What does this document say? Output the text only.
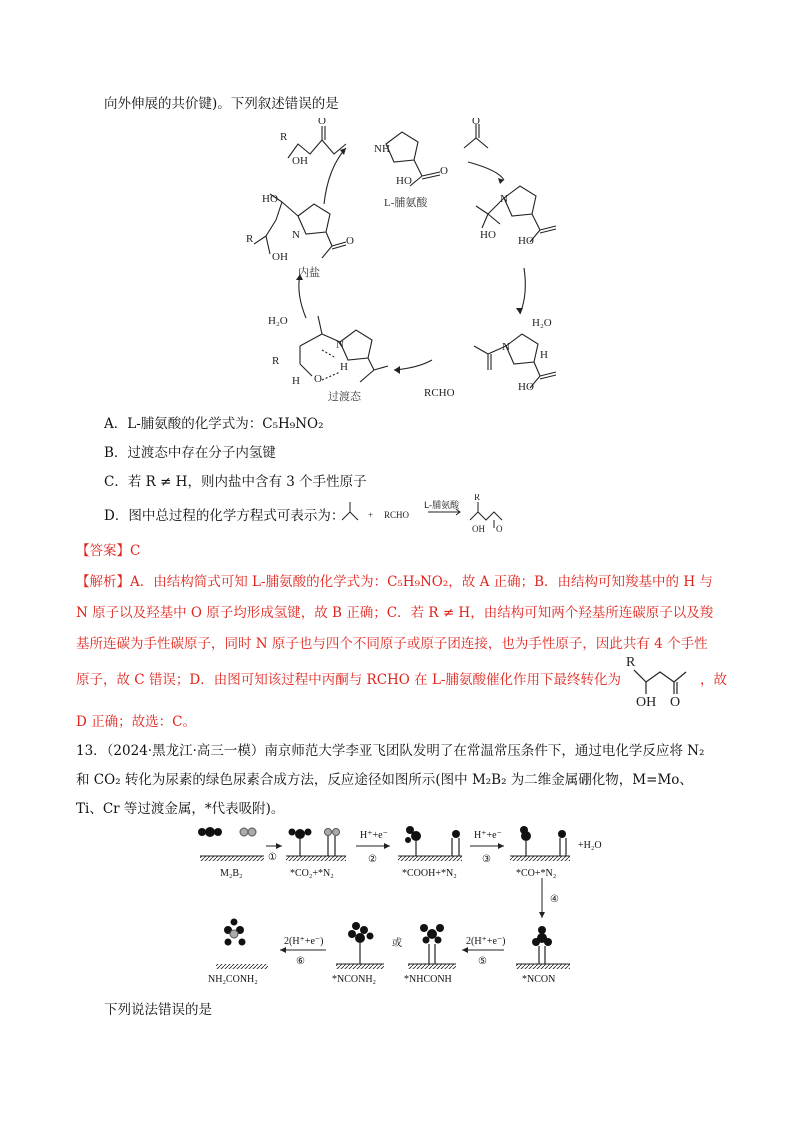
向外伸展的共价键)。下列叙述错误的是
R
OH
O
NH
HO
O
O
N
HO
HO
N
H
HO
N
R
H O
H
N
R
OH
HO
O
H₂O	H₂O
RCHO
L-脯氨酸
内盐
过渡态
A．L-脯氨酸的化学式为：C₅H₉NO₂
B．过渡态中存在分子内氢键
C．若 R ≠ H，则内盐中含有 3 个手性原子
D．图中总过程的化学方程式可表示为：	+ RCHO
L-脯氨酸
R
OH O
【答案】C
【解析】A．由结构简式可知 L-脯氨酸的化学式为：C₅H₉NO₂，故 A 正确；B．由结构可知羧基中的 H 与
N 原子以及羟基中 O 原子均形成氢键，故 B 正确；C．若 R ≠ H，由结构可知两个羟基所连碳原子以及羧
基所连碳为手性碳原子，同时 N 原子也与四个不同原子或原子团连接，也为手性原子，因此共有 4 个手性
原子，故 C 错误；D．由图可知该过程中丙酮与 RCHO 在 L-脯氨酸催化作用下最终转化为
R
OH O
，故
D 正确；故选：C。
13．（2024·黑龙江·高三一模）南京师范大学李亚飞团队发明了在常温常压条件下，通过电化学反应将 N₂
和 CO₂ 转化为尿素的绿色尿素合成方法，反应途径如图所示(图中 M₂B₂ 为二维金属硼化物，M=Mo、
Ti、Cr 等过渡金属，*代表吸附)。
M₂B₂	*CO₂+*N₂	*COOH+*N₂	*CO+*N₂
+H₂O
H⁺+e⁻	H⁺+e⁻
①	②	③
④
2(H⁺+e⁻)
⑤
2(H⁺+e⁻)
⑥
或
*NCON
*NCONH₂	*NHCONH
NH₂CONH₂
下列说法错误的是
